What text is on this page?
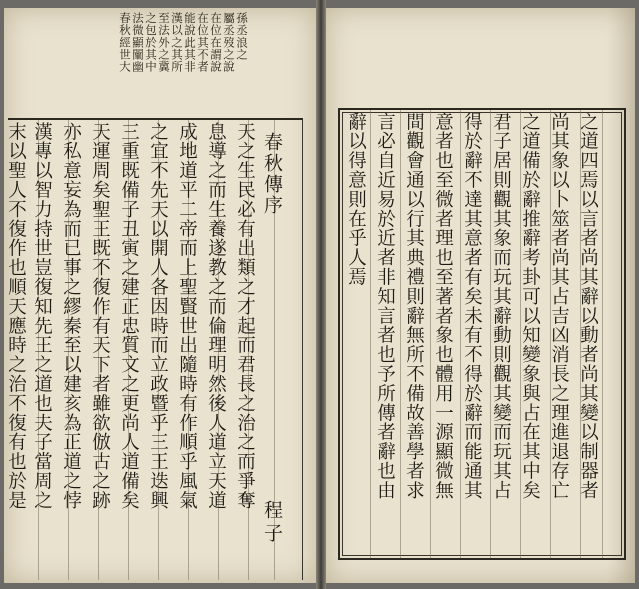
春秋經世大 法微顯闡幽 之包於其中 至法外之冀 漢以之其所 能說此其非 在位其不者 在位在謂說 屬丞歿之說 孫丞浪之
春秋傳序
程子
天之生民必有出類之才起而君長之治之而爭奪
息導之而生養遂教之而倫理明然後人道立天道
成地道平二帝而上聖賢世出隨時有作順乎風氣
之宜不先天以開人各因時而立政暨乎三王迭興
三重既備子丑寅之建正忠質文之更尚人道備矣
天運周矣聖王既不復作有天下者雖欲倣古之跡
亦私意妄為而已事之繆秦至以建亥為正道之悖
漢專以智力持世豈復知先王之道也夫子當周之
末以聖人不復作也順天應時之治不復有也於是	之道四焉以言者尚其辭以動者尚其變以制器者
尚其象以卜筮者尚其占吉凶消長之理進退存亡
之道備於辭推辭考卦可以知變象與占在其中矣
君子居則觀其象而玩其辭動則觀其變而玩其占
得於辭不達其意者有矣未有不得於辭而能通其
意者也至微者理也至著者象也體用一源顯微無
間觀會通以行其典禮則辭無所不備故善學者求
言必自近易於近者非知言者也予所傳者辭也由
辭以得意則在乎人焉
